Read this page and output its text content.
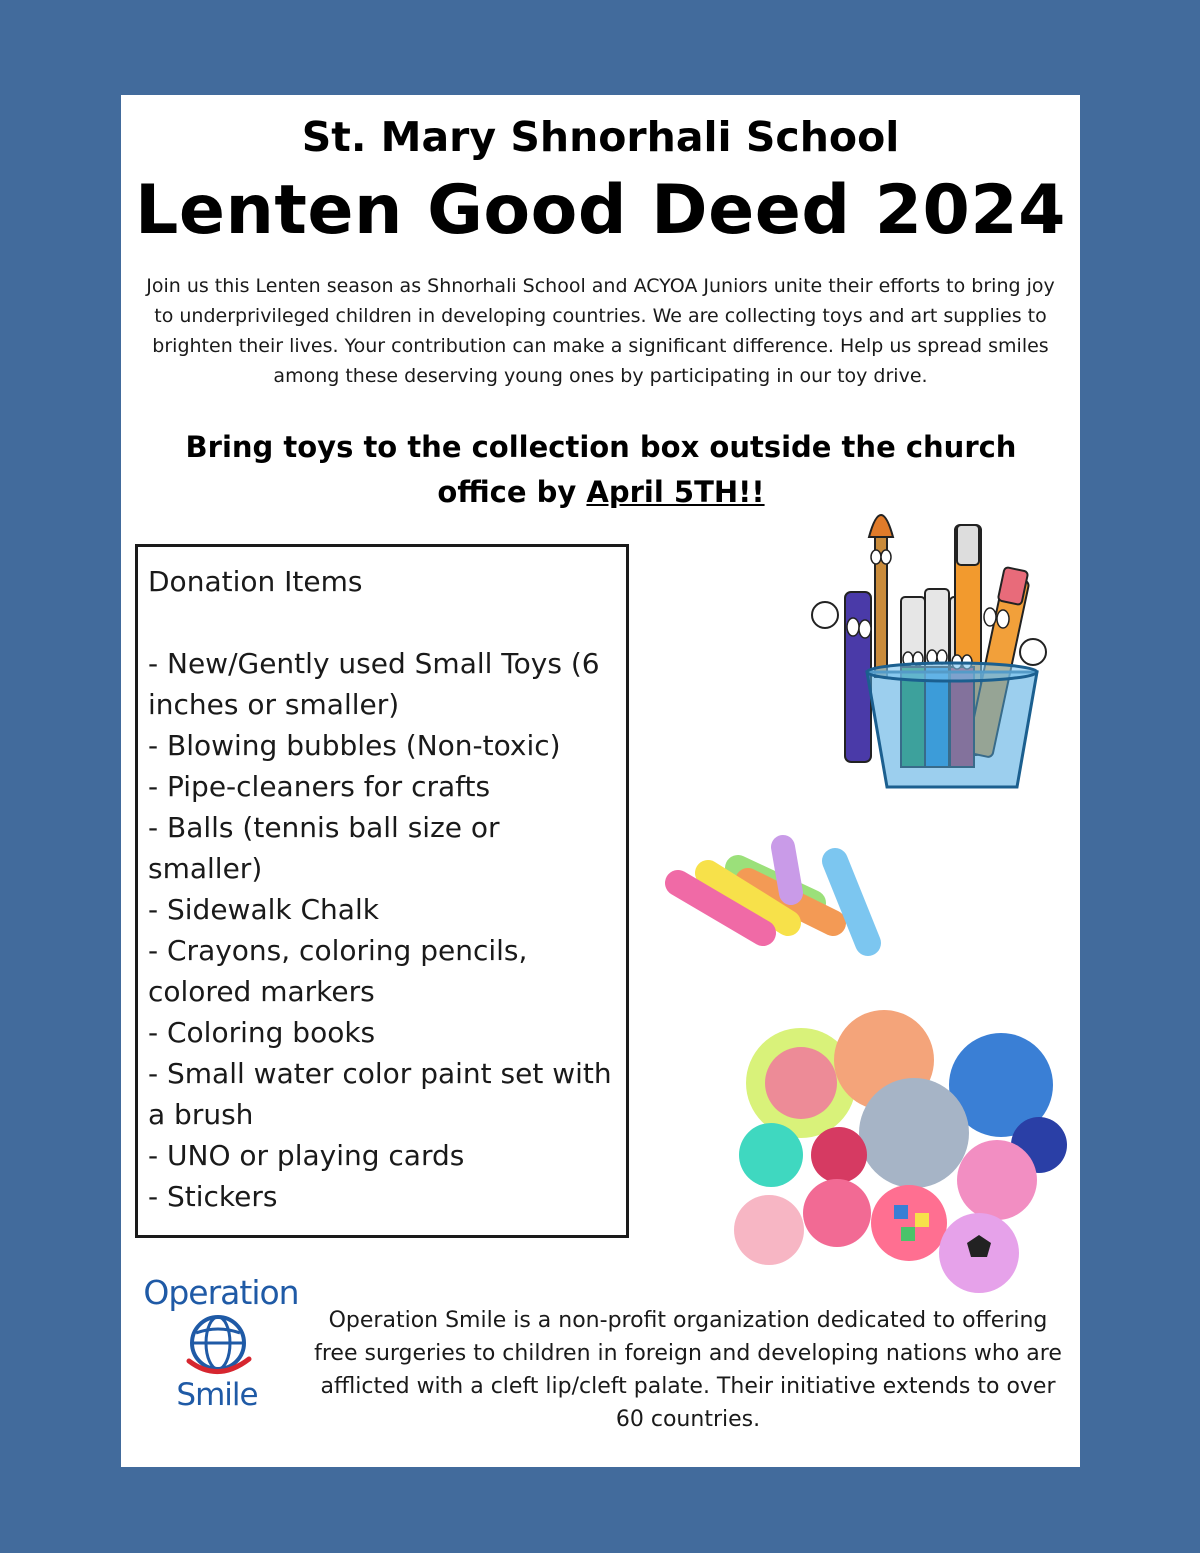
St. Mary Shnorhali School
Lenten Good Deed 2024
Join us this Lenten season as Shnorhali School and ACYOA Juniors unite their efforts to bring joy to underprivileged children in developing countries. We are collecting toys and art supplies to brighten their lives. Your contribution can make a significant difference. Help us spread smiles among these deserving young ones by participating in our toy drive.
Bring toys to the collection box outside the church office by April 5TH!!
Donation Items
- New/Gently used Small Toys (6 inches or smaller)
- Blowing bubbles (Non-toxic)
- Pipe-cleaners for crafts
- Balls (tennis ball size or smaller)
- Sidewalk Chalk
- Crayons, coloring pencils, colored markers
- Coloring books
- Small water color paint set with a brush
- UNO or playing cards
- Stickers
Operation
Smile
Operation Smile is a non-profit organization dedicated to offering free surgeries to children in foreign and developing nations who are afflicted with a cleft lip/cleft palate. Their initiative extends to over 60 countries.
